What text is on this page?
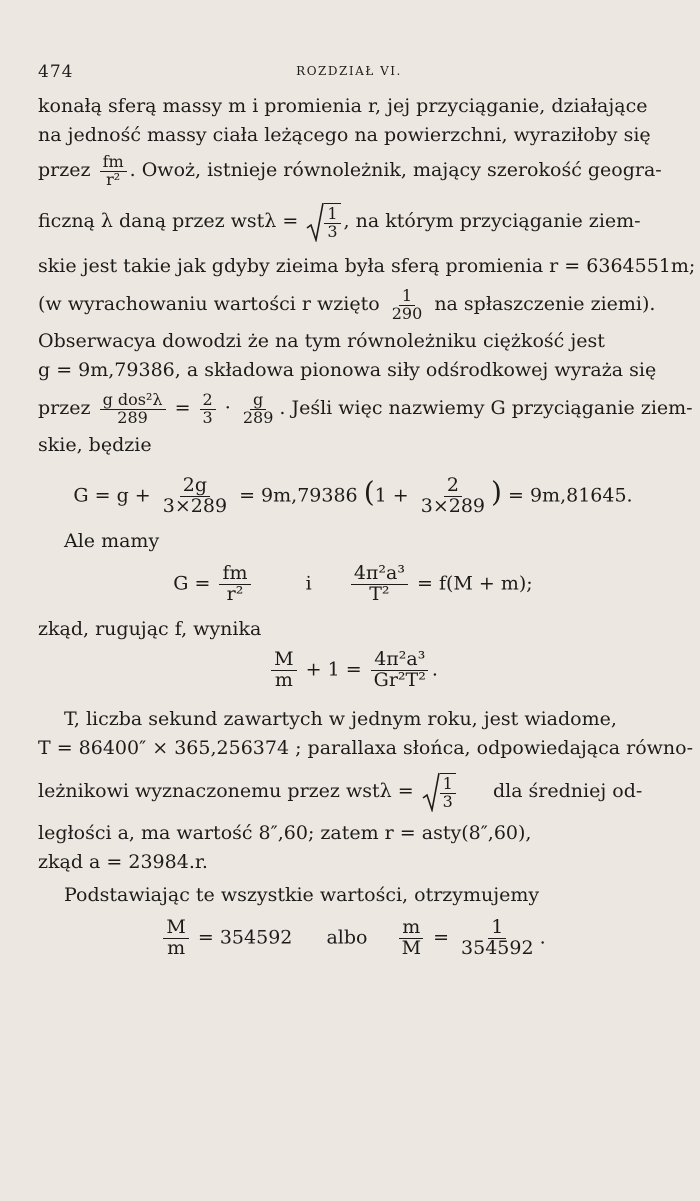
474	ROZDZIAŁ VI.
konałą sferą massy m i promienia r, jej przyciąganie, działające
na jedność massy ciała leżącego na powierzchni, wyraziłoby się
przez $\frac{fm}{\text{r²}}$ . Owoż, istnieje równoleżnik, mający szerokość geogra-
ficzną λ daną przez $wst\lambda = \frac{1}{3}$ , na którym przyciąganie ziem-
skie jest takie jak gdyby zieima była sferą promienia r = 6364551m;
(w wyrachowaniu wartości r wzięto $\frac{1}{290}$ na spłaszczenie ziemi).
Obserwacya dowodzi że na tym równoleżniku ciężkość jest
g = 9m,79386, a składowa pionowa siły odśrodkowej wyraża się
przez $\frac{\text{g dos²λ}}{289} = \frac{2}{3} \cdot \frac{g}{289}$ . Jeśli więc nazwiemy G przyciąganie ziem-
skie, będzie
$G = g + \frac{2g}{3\times 289} = 9m,79386$ ($1 + \frac{2}{3\times 289}$ ) = 9m,81645.
Ale mamy
$G = \frac{fm}{\text{r²}}$	i $\frac{\text{4π²a³}}{\text{T²}} = f(M + m)$;
zkąd, rugując f, wynika
$\frac{M}{m} + 1 = \frac{\text{4π²a³}}{\text{Gr²T²}}$ .
T, liczba sekund zawartych w jednym roku, jest wiadome,
T = 86400″ × 365,256374 ; parallaxa słońca, odpowiedająca równo-
leżnikowi wyznaczonemu przez $wst\lambda = \frac{1}{3}$ dla średniej od-
ległości a, ma wartość 8″,60; zatem r = asty(8″,60),
zkąd a = 23984.r.
Podstawiając te wszystkie wartości, otrzymujemy
$\frac{M}{m} = 354592$ albo $\frac{m}{M} = \frac{1}{354592}$ .
